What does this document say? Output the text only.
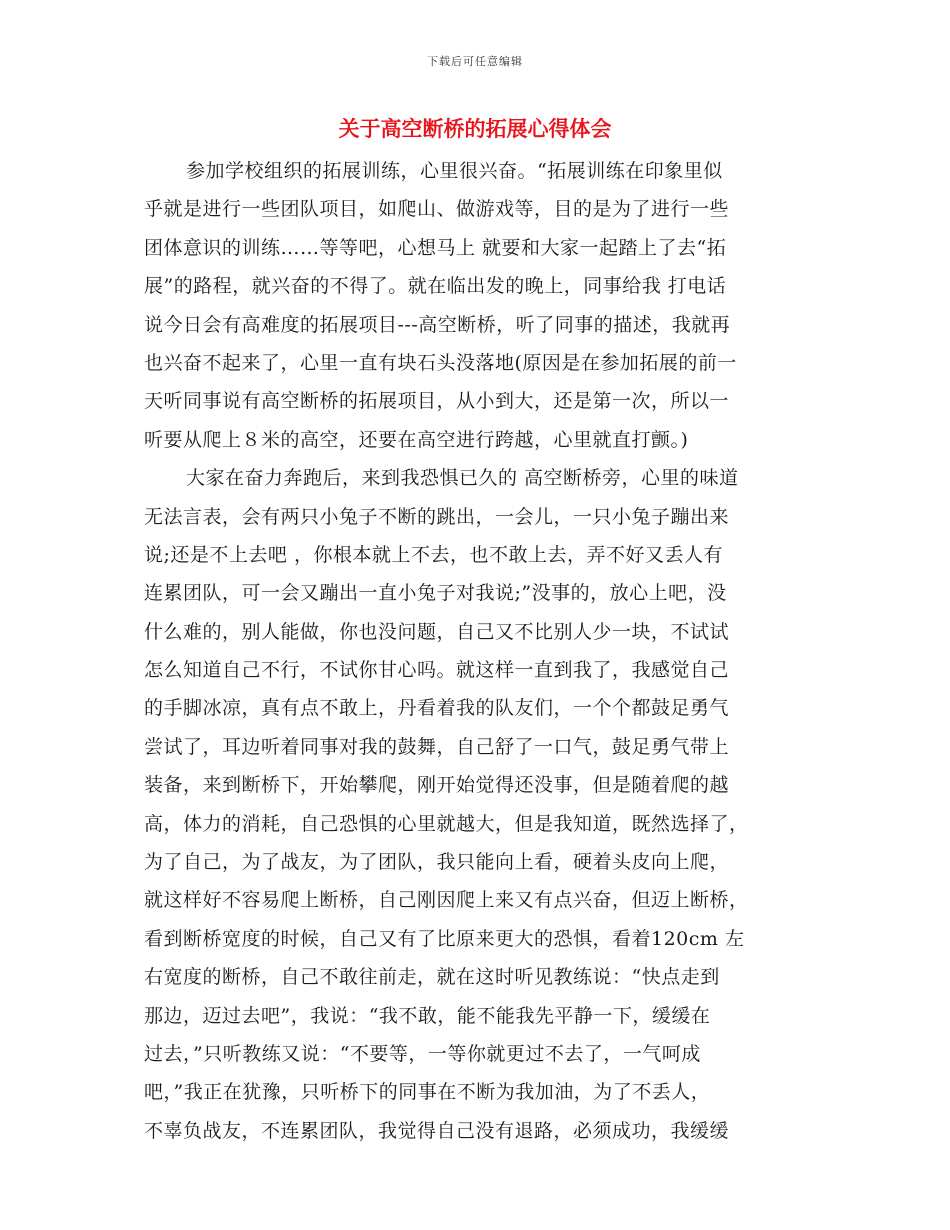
下载后可任意编辑
关于高空断桥的拓展心得体会
参加学校组织的拓展训练，心里很兴奋。“拓展训练在印象里似
乎就是进行一些团队项目，如爬山、做游戏等，目的是为了进行一些
团体意识的训练……等等吧，心想马上 就要和大家一起踏上了去“拓
展”的路程，就兴奋的不得了。就在临出发的晚上，同事给我 打电话
说今日会有高难度的拓展项目---高空断桥，听了同事的描述，我就再
也兴奋不起来了，心里一直有块石头没落地(原因是在参加拓展的前一
天听同事说有高空断桥的拓展项目，从小到大，还是第一次，所以一
听要从爬上８米的高空，还要在高空进行跨越，心里就直打颤。)
大家在奋力奔跑后，来到我恐惧已久的 高空断桥旁，心里的味道
无法言表，会有两只小兔子不断的跳出，一会儿，一只小兔子蹦出来
说;还是不上去吧 ，你根本就上不去，也不敢上去，弄不好又丢人有
连累团队，可一会又蹦出一直小兔子对我说;”没事的，放心上吧，没
什么难的，别人能做，你也没问题，自己又不比别人少一块，不试试
怎么知道自己不行，不试你甘心吗。就这样一直到我了，我感觉自己
的手脚冰凉，真有点不敢上，丹看着我的队友们，一个个都鼓足勇气
尝试了，耳边听着同事对我的鼓舞，自己舒了一口气，鼓足勇气带上
装备，来到断桥下，开始攀爬，刚开始觉得还没事，但是随着爬的越
高，体力的消耗，自己恐惧的心里就越大，但是我知道，既然选择了，
为了自己，为了战友，为了团队，我只能向上看，硬着头皮向上爬，
就这样好不容易爬上断桥，自己刚因爬上来又有点兴奋，但迈上断桥，
看到断桥宽度的时候，自己又有了比原来更大的恐惧，看着120cm 左
右宽度的断桥，自己不敢往前走，就在这时听见教练说：“快点走到
那边，迈过去吧”，我说：“我不敢，能不能我先平静一下，缓缓在
过去，”只听教练又说：“不要等，一等你就更过不去了，一气呵成
吧，”我正在犹豫，只听桥下的同事在不断为我加油，为了不丢人，
不辜负战友，不连累团队，我觉得自己没有退路，必须成功，我缓缓
